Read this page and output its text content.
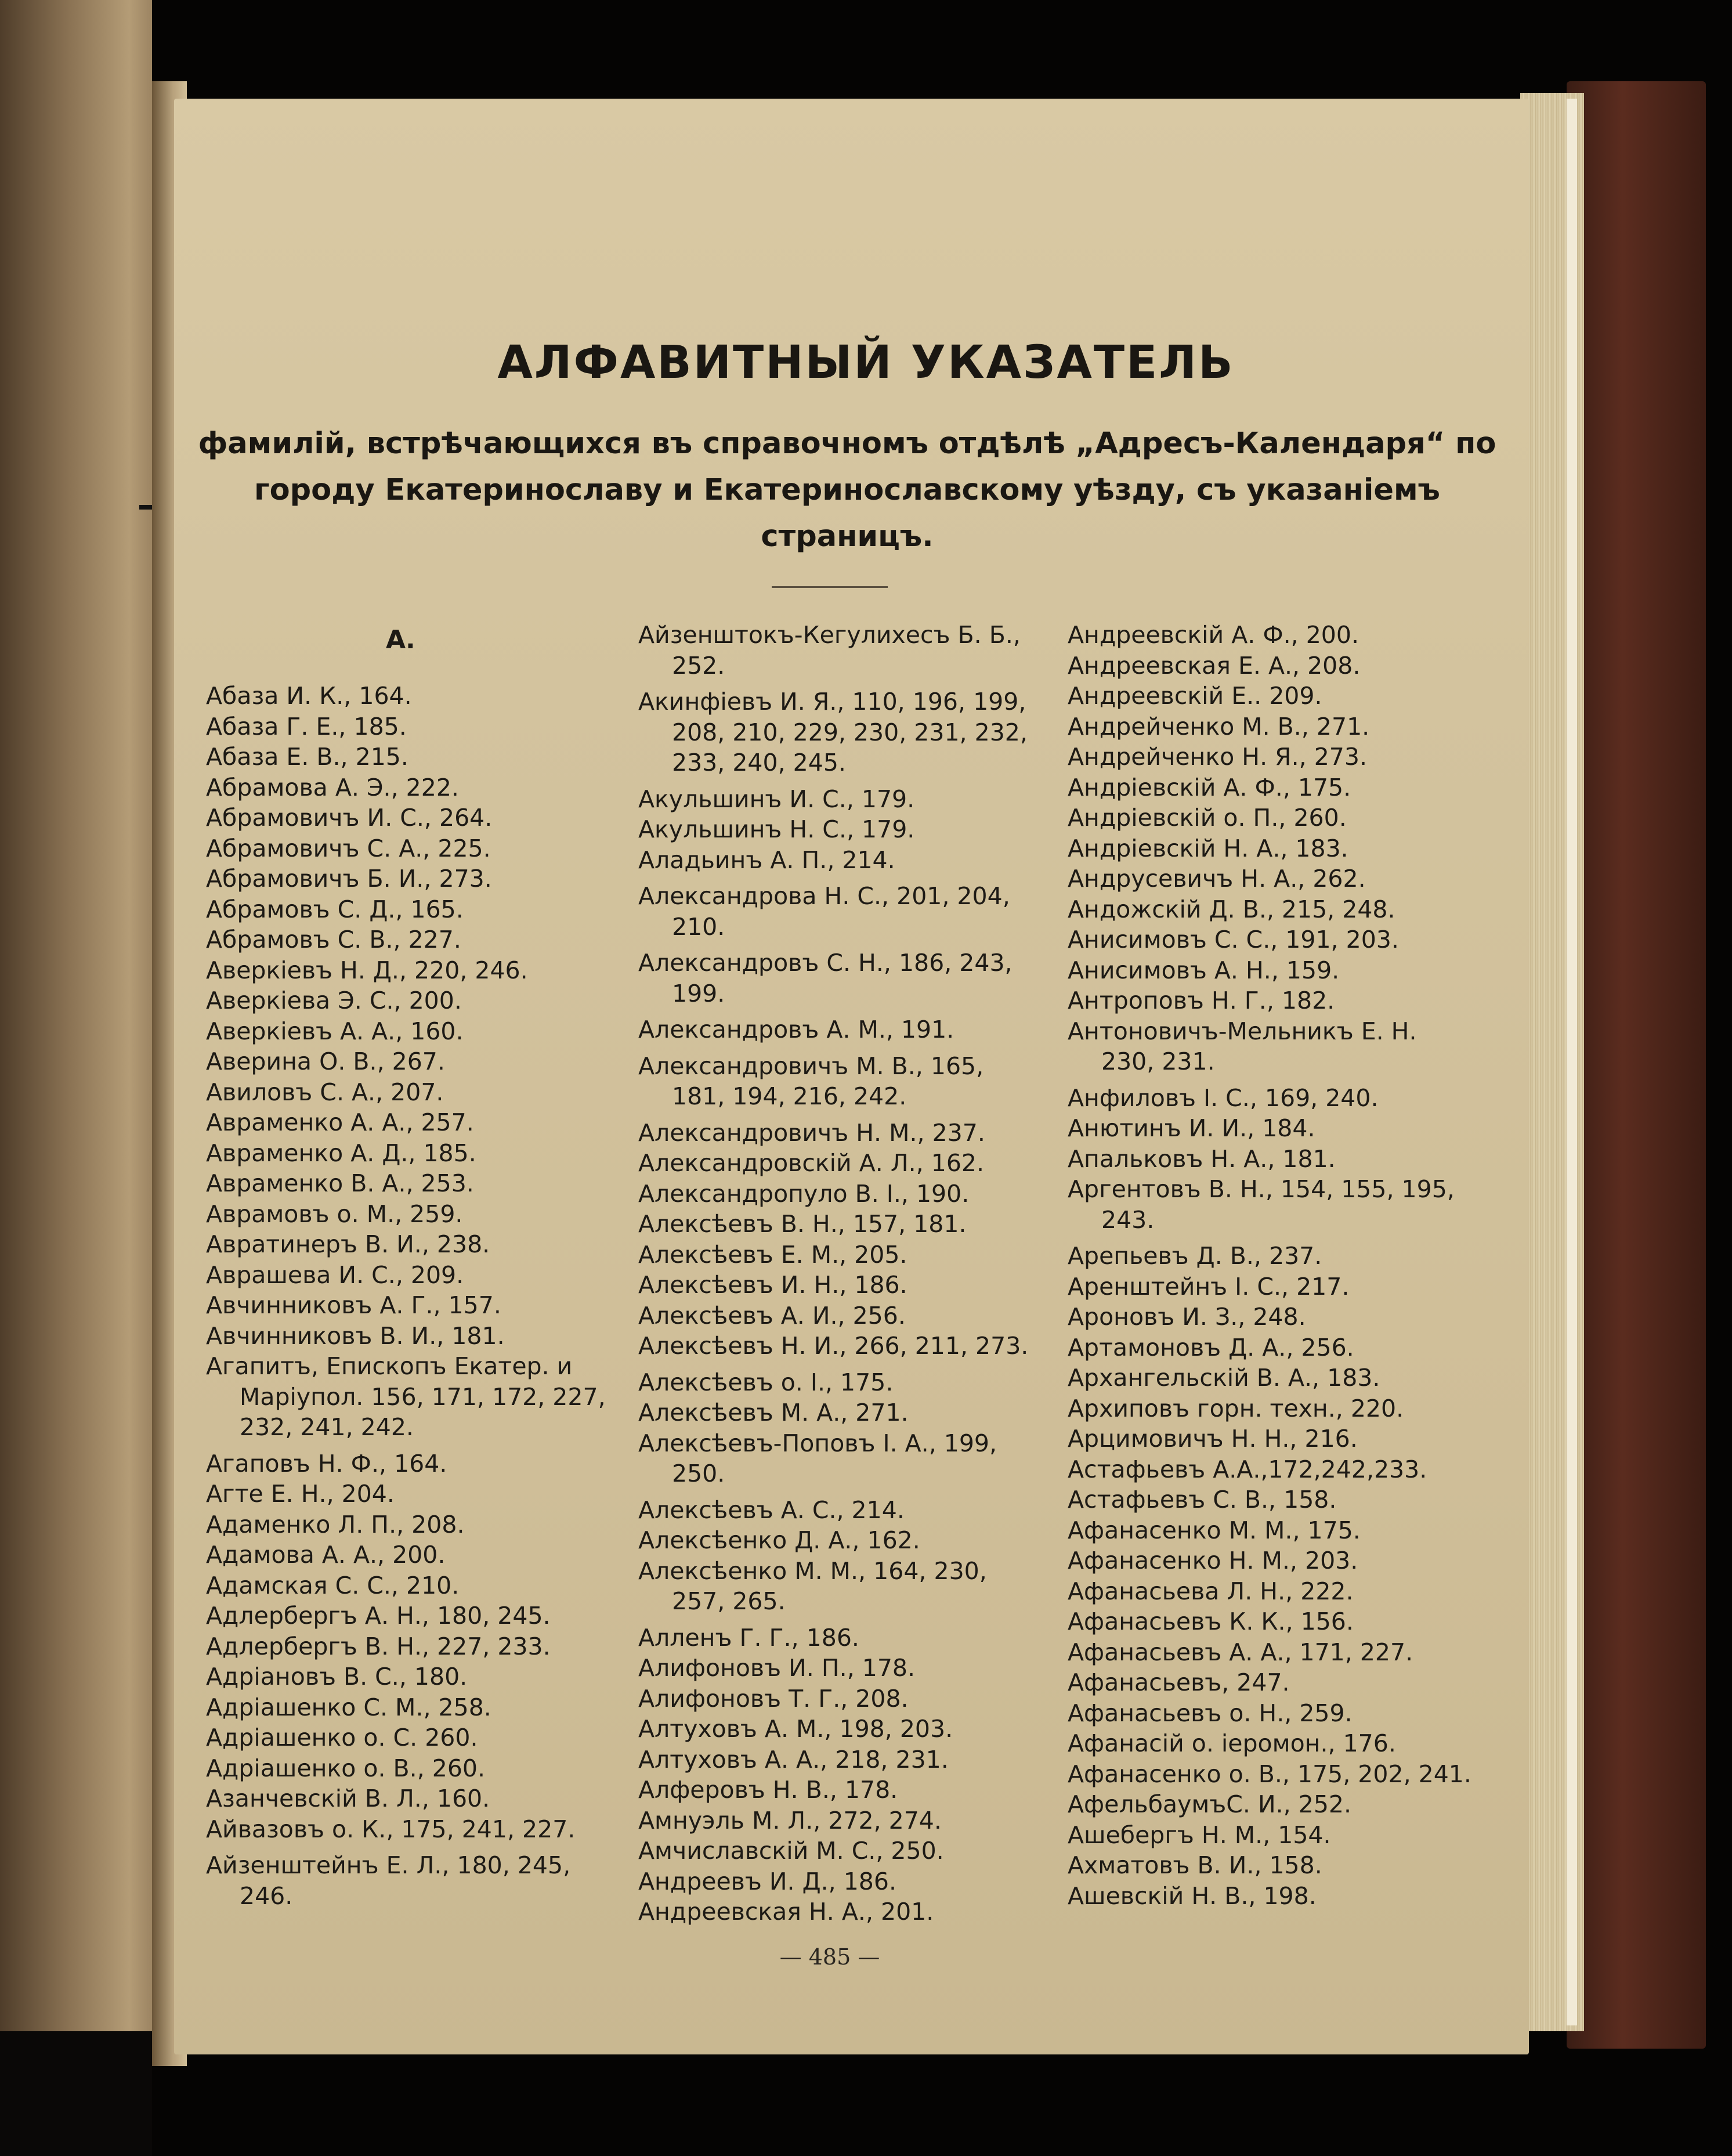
АЛФАВИТНЫЙ УКАЗАТЕЛЬ
фамилій, встрѣчающихся въ справочномъ отдѣлѣ „Адресъ-Календаря“ по городу Екатеринославу и Екатеринославскому уѣзду, съ указаніемъ страницъ.
А.
Абаза И. К., 164.
Абаза Г. Е., 185.
Абаза Е. В., 215.
Абрамова А. Э., 222.
Абрамовичъ И. С., 264.
Абрамовичъ С. А., 225.
Абрамовичъ Б. И., 273.
Абрамовъ С. Д., 165.
Абрамовъ С. В., 227.
Аверкіевъ Н. Д., 220, 246.
Аверкіева Э. С., 200.
Аверкіевъ А. А., 160.
Аверина О. В., 267.
Авиловъ С. А., 207.
Авраменко А. А., 257.
Авраменко А. Д., 185.
Авраменко В. А., 253.
Аврамовъ о. М., 259.
Авратинеръ В. И., 238.
Аврашева И. С., 209.
Авчинниковъ А. Г., 157.
Авчинниковъ В. И., 181.
Агапитъ, Епископъ Екатер. и Маріупол. 156, 171, 172, 227, 232, 241, 242.
Агаповъ Н. Ф., 164.
Агте Е. Н., 204.
Адаменко Л. П., 208.
Адамова А. А., 200.
Адамская С. С., 210.
Адлербергъ А. Н., 180, 245.
Адлербергъ В. Н., 227, 233.
Адріановъ В. С., 180.
Адріашенко С. М., 258.
Адріашенко о. С. 260.
Адріашенко о. В., 260.
Азанчевскій В. Л., 160.
Айвазовъ о. К., 175, 241, 227.
Айзенштейнъ Е. Л., 180, 245, 246.
Айзенштокъ-Кегулихесъ Б. Б., 252.
Акинфіевъ И. Я., 110, 196, 199, 208, 210, 229, 230, 231, 232, 233, 240, 245.
Акульшинъ И. С., 179.
Акульшинъ Н. С., 179.
Аладьинъ А. П., 214.
Александрова Н. С., 201, 204, 210.
Александровъ С. Н., 186, 243, 199.
Александровъ А. М., 191.
Александровичъ М. В., 165, 181, 194, 216, 242.
Александровичъ Н. М., 237.
Александровскій А. Л., 162.
Александропуло В. І., 190.
Алексѣевъ В. Н., 157, 181.
Алексѣевъ Е. М., 205.
Алексѣевъ И. Н., 186.
Алексѣевъ А. И., 256.
Алексѣевъ Н. И., 266, 211, 273.
Алексѣевъ о. І., 175.
Алексѣевъ М. А., 271.
Алексѣевъ-Поповъ І. А., 199, 250.
Алексѣевъ А. С., 214.
Алексѣенко Д. А., 162.
Алексѣенко М. М., 164, 230, 257, 265.
Алленъ Г. Г., 186.
Алифоновъ И. П., 178.
Алифоновъ Т. Г., 208.
Алтуховъ А. М., 198, 203.
Алтуховъ А. А., 218, 231.
Алферовъ Н. В., 178.
Амнуэль М. Л., 272, 274.
Амчиславскій М. С., 250.
Андреевъ И. Д., 186.
Андреевская Н. А., 201.
Андреевскій А. Ф., 200.
Андреевская Е. А., 208.
Андреевскій Е.. 209.
Андрейченко М. В., 271.
Андрейченко Н. Я., 273.
Андріевскій А. Ф., 175.
Андріевскій о. П., 260.
Андріевскій Н. А., 183.
Андрусевичъ Н. А., 262.
Андожскій Д. В., 215, 248.
Анисимовъ С. С., 191, 203.
Анисимовъ А. Н., 159.
Антроповъ Н. Г., 182.
Антоновичъ-Мельникъ Е. Н. 230, 231.
Анфиловъ І. С., 169, 240.
Анютинъ И. И., 184.
Апальковъ Н. А., 181.
Аргентовъ В. Н., 154, 155, 195, 243.
Арепьевъ Д. В., 237.
Аренштейнъ І. С., 217.
Ароновъ И. З., 248.
Артамоновъ Д. А., 256.
Архангельскій В. А., 183.
Архиповъ горн. техн., 220.
Арцимовичъ Н. Н., 216.
Астафьевъ А.А.,172,242,233.
Астафьевъ С. В., 158.
Афанасенко М. М., 175.
Афанасенко Н. М., 203.
Афанасьева Л. Н., 222.
Афанасьевъ К. К., 156.
Афанасьевъ А. А., 171, 227.
Афанасьевъ, 247.
Афанасьевъ о. Н., 259.
Афанасій о. іеромон., 176.
Афанасенко о. В., 175, 202, 241.
АфельбаумъС. И., 252.
Ашебергъ Н. М., 154.
Ахматовъ В. И., 158.
Ашевскій Н. В., 198.
— 485 —
